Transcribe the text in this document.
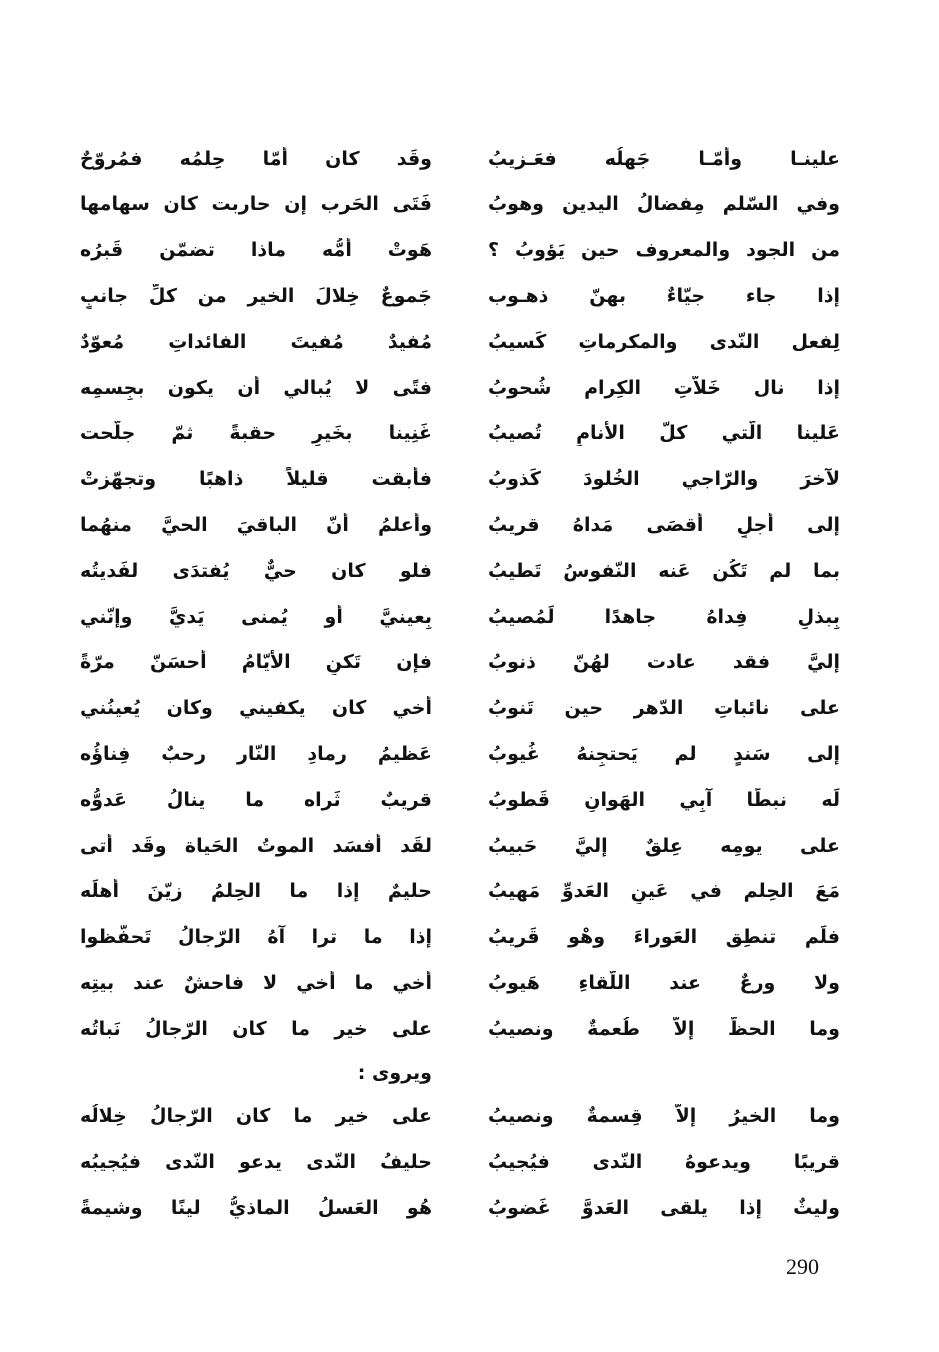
وقَد كان أمّا حِلمُه فمُروّحٌ	علينـا وأمّـا جَهلُه فعَـزيبُ
فَتَى الحَرب إن حاربت كان سهامها	وفي السّلم مِفضالُ اليدين وهوبُ
هَوتْ أمُّه ماذا تضمّن قَبرُه	من الجود والمعروف حين يَؤوبُ ؟
جَموعٌ خِلالَ الخير من كلِّ جانبٍ	إذا جاء جيّاءٌ بهنّ ذهـوب
مُفيدٌ مُفيتَ الفائداتِ مُعوّدٌ	لِفعل النّدى والمكرماتِ كَسيبُ
فتًى لا يُبالي أن يكون بجِسمِه	إذا نال خَلاّتِ الكِرام شُحوبُ
غَنِينا بخَيرٍ حقبةً ثمّ جلّحت	عَلينا الّتي كلَّ الأنامِ تُصيبُ
فأبقت قليلاً ذاهبًا وتجهّزتْ	لآخرَ والرّاجي الخُلودَ كَذوبُ
وأعلمُ أنّ الباقيَ الحيَّ منهُما	إلى أجلٍ أقصَى مَداهُ قريبُ
فلو كان حيٌّ يُفتدَى لفَديتُه	بما لم تَكُن عَنه النّفوسُ تَطيبُ
بِعينيَّ أو يُمنى يَديَّ وإنّني	بِبذلِ فِداهُ جاهدًا لَمُصيبُ
فإن تَكنِ الأيّامُ أحسَنّ مرّةً	إليَّ فقد عادت لهُنّ ذنوبُ
أخي كان يكفيني وكان يُعينُني	على نائباتِ الدّهر حين تَنوبُ
عَظيمُ رمادِ النّار رحبٌ فِناؤُه	إلى سَندٍ لم يَحتجِنهُ غُيوبُ
قريبٌ ثَراه ما ينالُ عَدوُّه	لَه نبطًا آبِي الهَوانِ قَطوبُ
لقَد أفسَد الموتُ الحَياة وقَد أتى	على يومِه عِلقٌ إليَّ حَبيبُ
حليمٌ إذا ما الحِلمُ زيّنَ أهلَه	مَعَ الحِلم في عَينِ العَدوِّ مَهيبُ
إذا ما ترا آهُ الرّجالُ تَحفّظوا	فلَم تنطِق العَوراءَ وهْو قَريبُ
أخي ما أخي لا فاحشٌ عند بيتِه	ولا ورعٌ عند اللّقاءِ هَيوبُ
على خير ما كان الرّجالُ نَباتُه	وما الحظّ إلاّ طُعمةٌ ونصيبُ
ويروى :
على خير ما كان الرّجالُ خِلالُه	وما الخيرُ إلاّ قِسمةٌ ونصيبُ
حليفُ النّدى يدعو النّدى فيُجيبُه	قريبًا ويدعوهُ النّدى فيُجيبُ
هُو العَسلُ الماذيُّ لينًا وشيمةً	وليثٌ إذا يلقى العَدوَّ غَضوبُ
290
